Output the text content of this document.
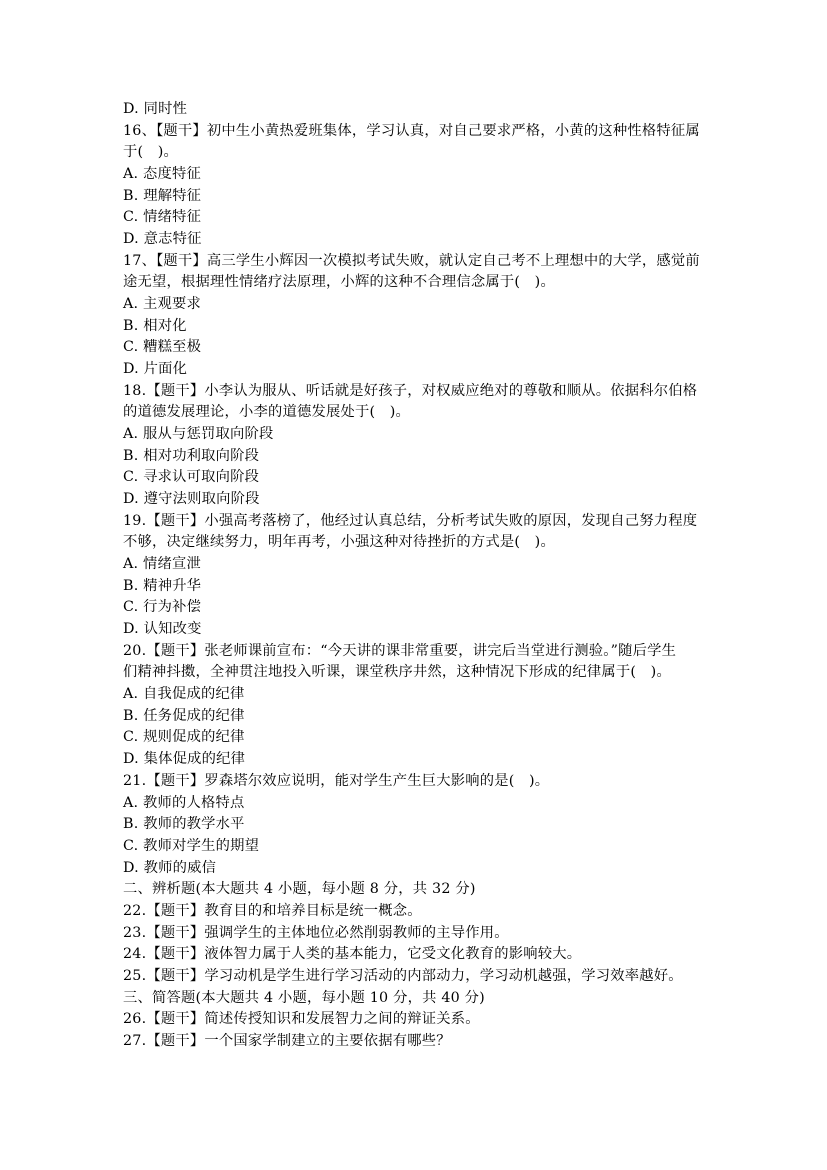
D. 同时性
16、【题干】初中生小黄热爱班集体，学习认真，对自己要求严格，小黄的这种性格特征属
于(　)。
A. 态度特征
B. 理解特征
C. 情绪特征
D. 意志特征
17、【题干】高三学生小辉因一次模拟考试失败，就认定自己考不上理想中的大学，感觉前
途无望，根据理性情绪疗法原理，小辉的这种不合理信念属于(　)。
A. 主观要求
B. 相对化
C. 糟糕至极
D. 片面化
18.【题干】小李认为服从、听话就是好孩子，对权威应绝对的尊敬和顺从。依据科尔伯格
的道德发展理论，小李的道德发展处于(　)。
A. 服从与惩罚取向阶段
B. 相对功利取向阶段
C. 寻求认可取向阶段
D. 遵守法则取向阶段
19.【题干】小强高考落榜了，他经过认真总结，分析考试失败的原因，发现自己努力程度
不够，决定继续努力，明年再考，小强这种对待挫折的方式是(　)。
A. 情绪宣泄
B. 精神升华
C. 行为补偿
D. 认知改变
20.【题干】张老师课前宣布：“今天讲的课非常重要，讲完后当堂进行测验。”随后学生
们精神抖擞，全神贯注地投入听课，课堂秩序井然，这种情况下形成的纪律属于(　)。
A. 自我促成的纪律
B. 任务促成的纪律
C. 规则促成的纪律
D. 集体促成的纪律
21.【题干】罗森塔尔效应说明，能对学生产生巨大影响的是(　)。
A. 教师的人格特点
B. 教师的教学水平
C. 教师对学生的期望
D. 教师的威信
二、辨析题(本大题共 4 小题，每小题 8 分，共 32 分)
22.【题干】教育目的和培养目标是统一概念。
23.【题干】强调学生的主体地位必然削弱教师的主导作用。
24.【题干】液体智力属于人类的基本能力，它受文化教育的影响较大。
25.【题干】学习动机是学生进行学习活动的内部动力，学习动机越强，学习效率越好。
三、简答题(本大题共 4 小题，每小题 10 分，共 40 分)
26.【题干】简述传授知识和发展智力之间的辩证关系。
27.【题干】一个国家学制建立的主要依据有哪些？
